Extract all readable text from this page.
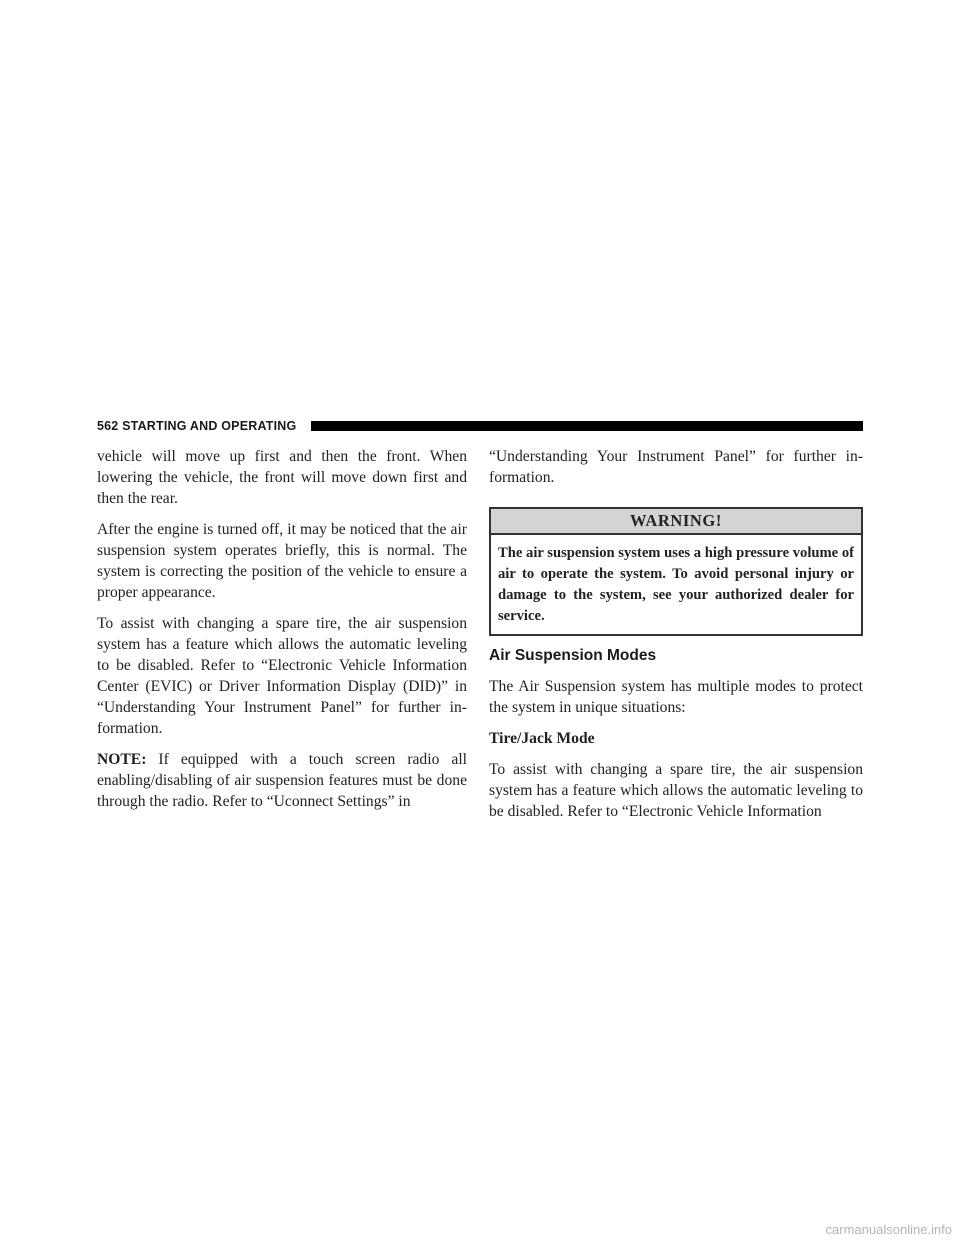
562 STARTING AND OPERATING

vehicle will move up first and then the front. When lowering the vehicle, the front will move down first and then the rear.

After the engine is turned off, it may be noticed that the air suspension system operates briefly, this is normal. The system is correcting the position of the vehicle to ensure a proper appearance.

To assist with changing a spare tire, the air suspension system has a feature which allows the automatic leveling to be disabled. Refer to “Electronic Vehicle Information Center (EVIC) or Driver Information Display (DID)” in “Understanding Your Instrument Panel” for further information.

NOTE: If equipped with a touch screen radio all enabling/disabling of air suspension features must be done through the radio. Refer to “Uconnect Settings” in

“Understanding Your Instrument Panel” for further information.

WARNING!
The air suspension system uses a high pressure volume of air to operate the system. To avoid personal injury or damage to the system, see your authorized dealer for service.
Air Suspension Modes

The Air Suspension system has multiple modes to protect the system in unique situations:

Tire/Jack Mode

To assist with changing a spare tire, the air suspension system has a feature which allows the automatic leveling to be disabled. Refer to “Electronic Vehicle Information

carmanualsonline.info
